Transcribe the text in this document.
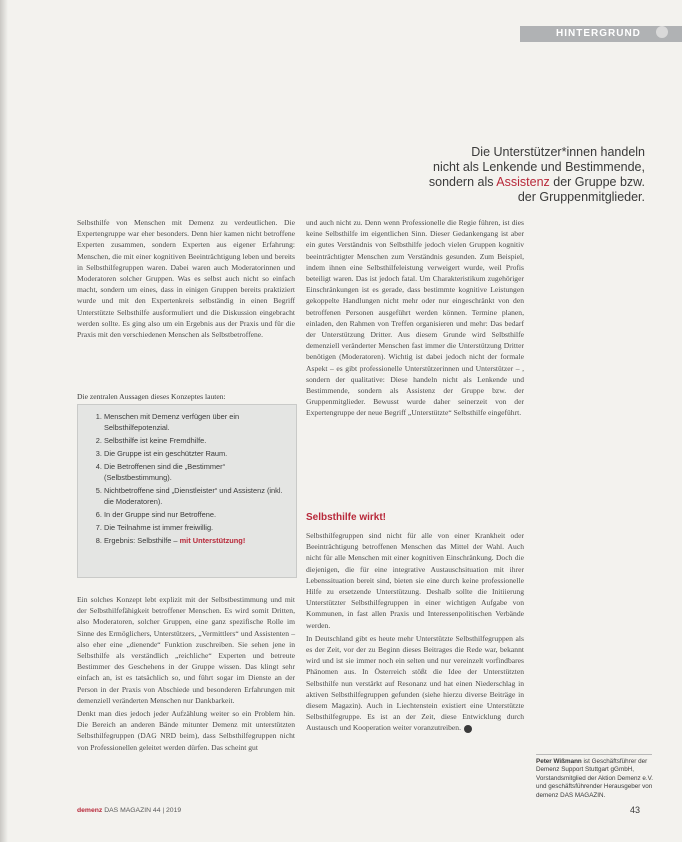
HINTERGRUND
Die Unterstützer*innen handeln
nicht als Lenkende und Bestimmende,
sondern als Assistenz der Gruppe bzw.
der Gruppenmitglieder.

Selbsthilfe von Menschen mit Demenz zu verdeutlichen. Die Expertengruppe war eher besonders. Denn hier kamen nicht betroffene Experten zusammen, sondern Experten aus eigener Erfahrung: Menschen, die mit einer kognitiven Beeinträchtigung leben und bereits in Selbsthilfegruppen waren. Dabei waren auch Moderatorinnen und Moderatoren solcher Gruppen. Was es selbst auch nicht so einfach macht, sondern um eines, dass in einigen Gruppen bereits praktiziert wurde und mit den Expertenkreis selbständig in einen Begriff Unterstützte Selbsthilfe ausformuliert und die Diskussion eingebracht werden sollte. Es ging also um ein Ergebnis aus der Praxis und für die Praxis mit den verschiedenen Menschen als Selbstbetroffene.

Die zentralen Aussagen dieses Konzeptes lauten:
1. Menschen mit Demenz verfügen über ein Selbsthilfepotenzial.
2. Selbsthilfe ist keine Fremdhilfe.
3. Die Gruppe ist ein geschützter Raum.
4. Die Betroffenen sind die „Bestimmer“ (Selbstbestimmung).
5. Nichtbetroffene sind „Dienstleister“ und Assistenz (inkl. die Moderatoren).
6. In der Gruppe sind nur Betroffene.
7. Die Teilnahme ist immer freiwillig.
8. Ergebnis: Selbsthilfe – mit Unterstützung!

Ein solches Konzept lebt explizit mit der Selbstbestimmung und mit der Selbsthilfefähigkeit betroffener Menschen. Es wird somit Dritten, also Moderatoren, solcher Gruppen, eine ganz spezifische Rolle im Sinne des Ermöglichers, Unterstützers, „Vermittlers“ und Assistenten – also eher eine „dienende“ Funktion zuschreiben. Sie sehen jene in Selbsthilfe als verständlich „reichliche“ Experten und betreute Bestimmer des Geschehens in der Gruppe wissen. Das klingt sehr einfach an, ist es tatsächlich so, und führt sogar im Dienste an der Person in der Praxis von Abschiede und besonderen Erfahrungen mit demenziell veränderten Menschen nur Dankbarkeit.

Denkt man dies jedoch jeder Aufzählung weiter so ein Problem hin. Die Bereich an anderen Bände mitunter Demenz mit unterstützten Selbsthilfegruppen (DAG NRD beim), dass Selbsthilfegruppen nicht von Professionellen geleitet werden dürfen. Das scheint gut

und auch nicht zu. Denn wenn Professionelle die Regie führen, ist dies keine Selbsthilfe im eigentlichen Sinn. Dieser Gedankengang ist aber ein gutes Verständnis von Selbsthilfe jedoch vielen Gruppen kognitiv beeinträchtigter Menschen zum Verständnis gesunden. Zum Beispiel, indem ihnen eine Selbsthilfeleistung verweigert wurde, weil Profis beteiligt waren. Das ist jedoch fatal. Um Charakteristikum zugehöriger Einschränkungen ist es gerade, dass bestimmte kognitive Leistungen gekoppelte Handlungen nicht mehr oder nur eingeschränkt von den betroffenen Personen ausgeführt werden können. Termine planen, einladen, den Rahmen von Treffen organisieren und mehr: Das bedarf der Unterstützung Dritter. Aus diesem Grunde wird Selbsthilfe demenziell veränderter Menschen fast immer die Unterstützung Dritter benötigen (Moderatoren). Wichtig ist dabei jedoch nicht der formale Aspekt – es gibt professionelle Unterstützerinnen und Unterstützer – , sondern der qualitative: Diese handeln nicht als Lenkende und Bestimmende, sondern als Assistenz der Gruppe bzw. der Gruppenmitglieder. Bewusst wurde daher seinerzeit von der Expertengruppe der neue Begriff „Unterstützte“ Selbsthilfe eingeführt.

Selbsthilfe wirkt!

Selbsthilfegruppen sind nicht für alle von einer Krankheit oder Beeinträchtigung betroffenen Menschen das Mittel der Wahl. Auch nicht für alle Menschen mit einer kognitiven Einschränkung. Doch die diejenigen, die für eine integrative Austauschsituation mit ihrer Lebenssituation bereit sind, bieten sie eine durch keine professionelle Hilfe zu ersetzende Unterstützung. Deshalb sollte die Initiierung Unterstützter Selbsthilfegruppen in einer wichtigen Aufgabe von Kommunen, in fast allen Praxis und Interessenpolitischen Verbände werden.

In Deutschland gibt es heute mehr Unterstützte Selbsthilfegruppen als es der Zeit, vor der zu Beginn dieses Beitrages die Rede war, bekannt wird und ist sie immer noch ein selten und nur vereinzelt vorfindbares Phänomen aus. In Österreich stößt die Idee der Unterstützten Selbsthilfe nun verstärkt auf Resonanz und hat einen Niederschlag in aktiven Selbsthilfegruppen gefunden (siehe hierzu diverse Beiträge in diesem Magazin). Auch in Liechtenstein existiert eine Unterstützte Selbsthilfegruppe. Es ist an der Zeit, diese Entwicklung durch Austausch und Kooperation weiter voranzutreiben.

Peter Wißmann ist Geschäftsführer der Demenz Support Stuttgart gGmbH, Vorstandsmitglied der Aktion Demenz e.V. und geschäftsführender Herausgeber von demenz DAS MAGAZIN.
demenz DAS MAGAZIN 44 | 2019	43
